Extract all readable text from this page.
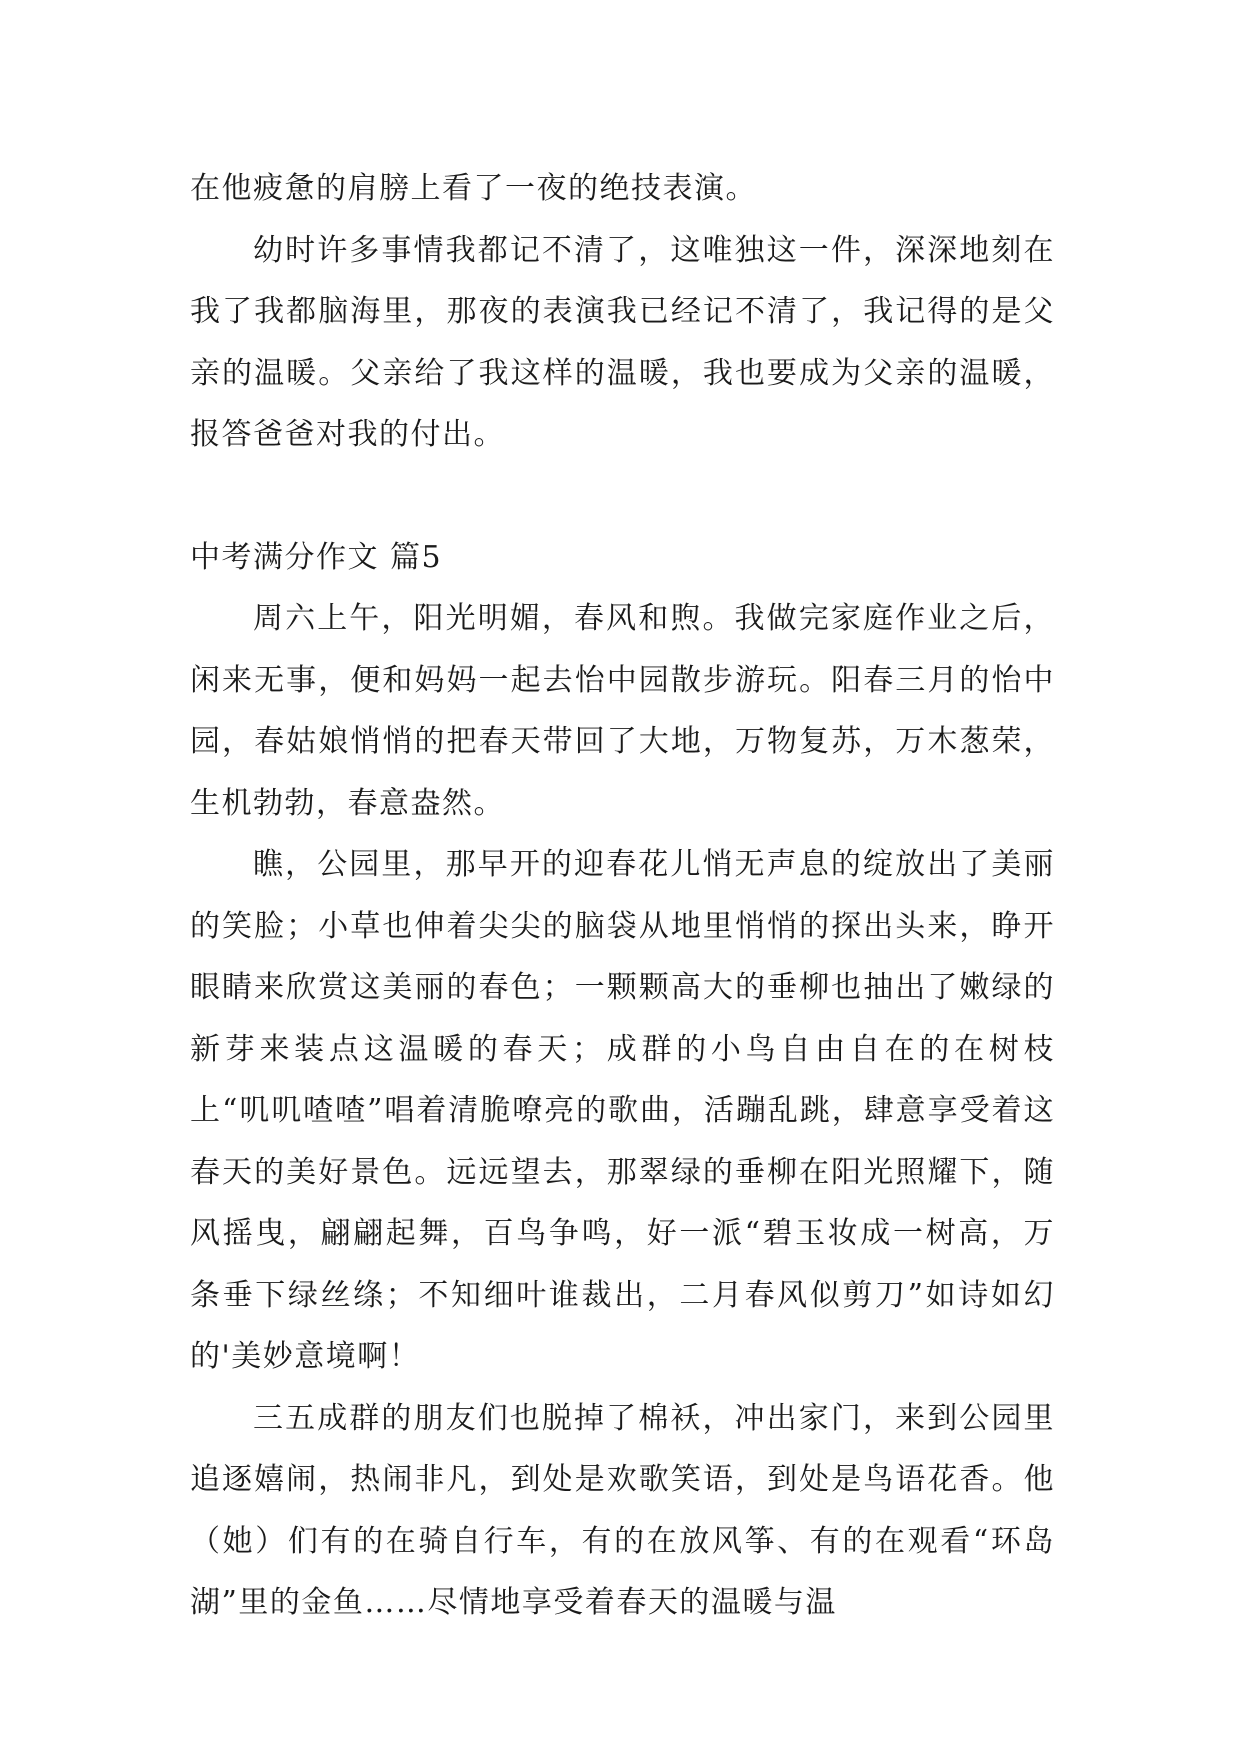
在他疲惫的肩膀上看了一夜的绝技表演。

幼时许多事情我都记不清了，这唯独这一件，深深地刻在我了我都脑海里，那夜的表演我已经记不清了，我记得的是父亲的温暖。父亲给了我这样的温暖，我也要成为父亲的温暖，报答爸爸对我的付出。

中考满分作文 篇5

周六上午，阳光明媚，春风和煦。我做完家庭作业之后，闲来无事，便和妈妈一起去怡中园散步游玩。阳春三月的怡中园，春姑娘悄悄的把春天带回了大地，万物复苏，万木葱荣，生机勃勃，春意盎然。

瞧，公园里，那早开的迎春花儿悄无声息的绽放出了美丽的笑脸；小草也伸着尖尖的脑袋从地里悄悄的探出头来，睁开眼睛来欣赏这美丽的春色；一颗颗高大的垂柳也抽出了嫩绿的新芽来装点这温暖的春天；成群的小鸟自由自在的在树枝上“叽叽喳喳”唱着清脆嘹亮的歌曲，活蹦乱跳，肆意享受着这春天的美好景色。远远望去，那翠绿的垂柳在阳光照耀下，随风摇曳，翩翩起舞，百鸟争鸣，好一派“碧玉妆成一树高，万条垂下绿丝绦；不知细叶谁裁出，二月春风似剪刀”如诗如幻的'美妙意境啊！

三五成群的朋友们也脱掉了棉袄，冲出家门，来到公园里追逐嬉闹，热闹非凡，到处是欢歌笑语，到处是鸟语花香。他（她）们有的在骑自行车，有的在放风筝、有的在观看“环岛湖”里的金鱼……尽情地享受着春天的温暖与温
